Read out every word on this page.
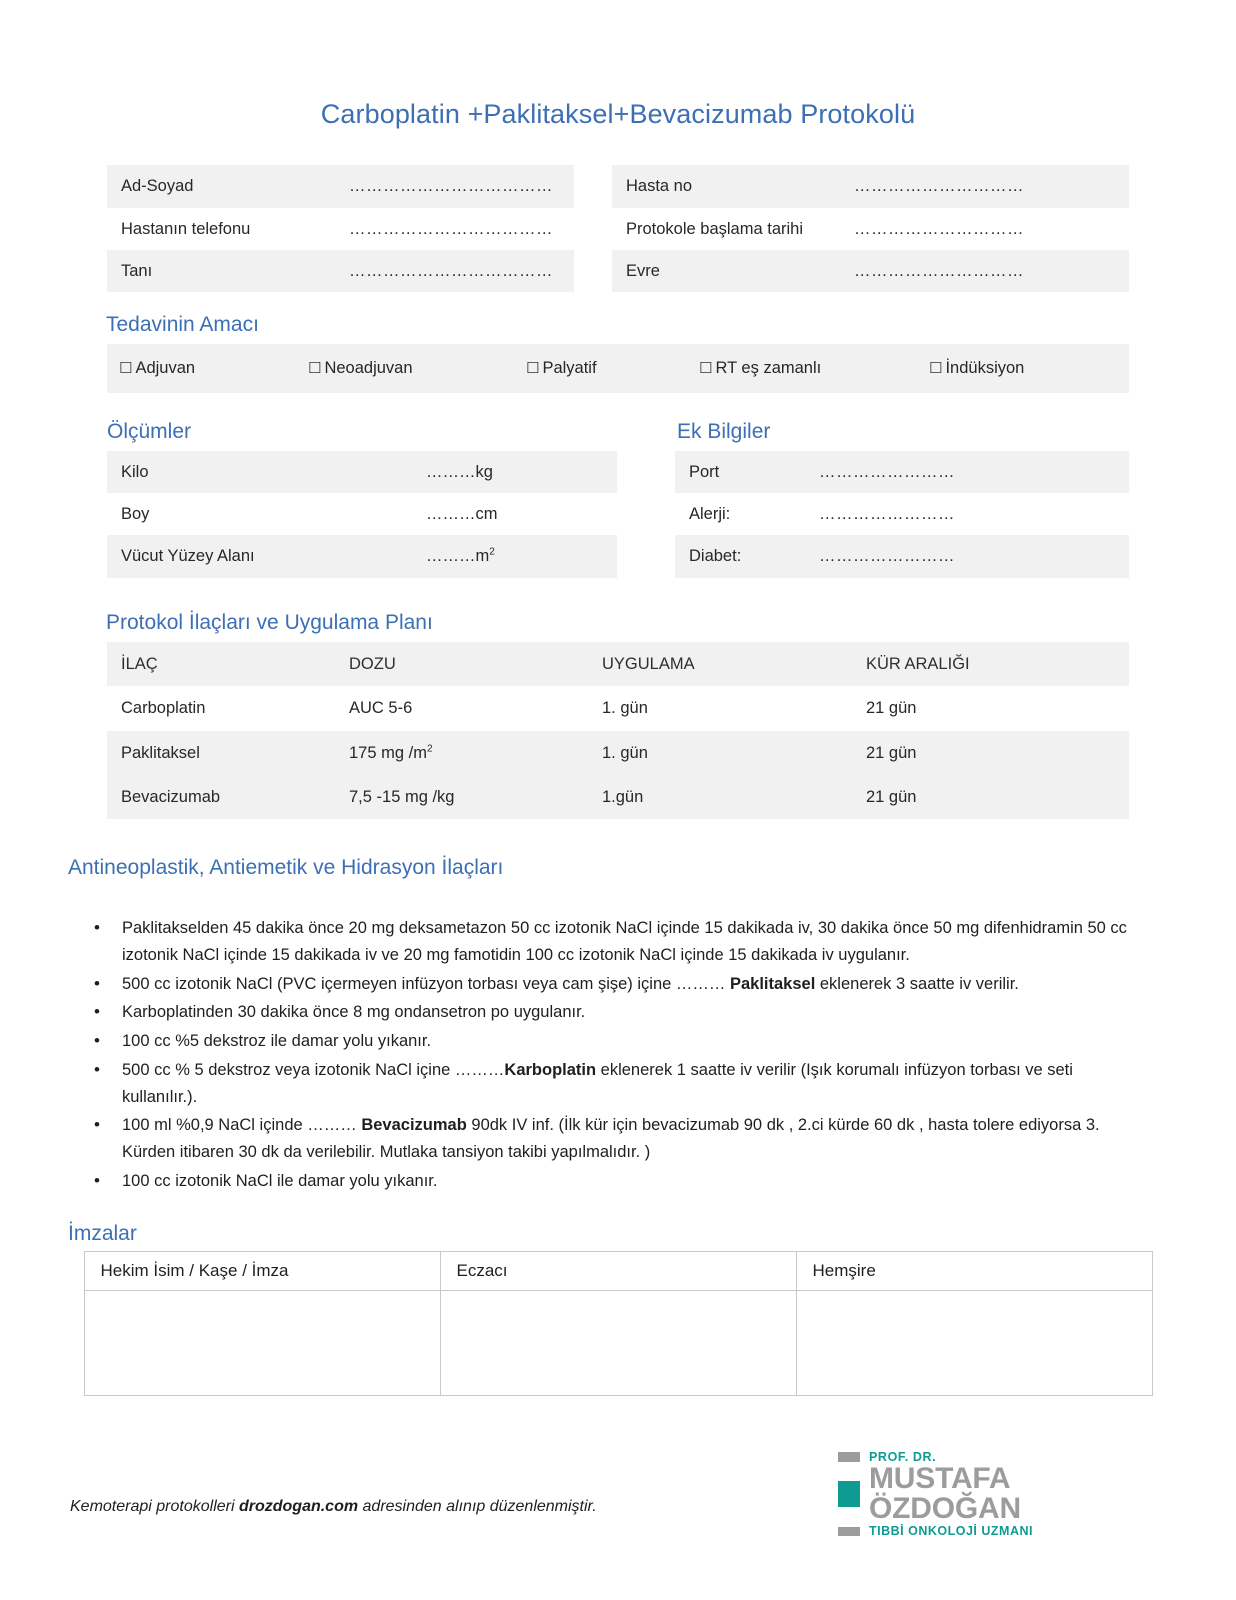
Carboplatin +Paklitaksel+Bevacizumab Protokolü
Ad-Soyad	………………………………		Hasta no	…………………………
Hastanın telefonu	………………………………		Protokole başlama tarihi	…………………………
Tanı	………………………………		Evre	…………………………
Tedavinin Amacı
☐ Adjuvan	☐ Neoadjuvan	☐ Palyatif	☐ RT eş zamanlı	☐ İndüksiyon
Ölçümler	Ek Bilgiler
Kilo	………kg		Port	……………………
Boy	………cm		Alerji:	……………………
Vücut Yüzey Alanı	$\dots\dots\dots m^2$		Diabet:	……………………
Protokol İlaçları ve Uygulama Planı
İLAÇ	DOZU	UYGULAMA	KÜR ARALIĞI
Carboplatin	AUC 5-6	1. gün	21 gün
Paklitaksel	175 mg $/m^2$	1. gün	21 gün
Bevacizumab	7,5 -15 mg /kg	1.gün	21 gün
Antineoplastik, Antiemetik ve Hidrasyon İlaçları
• Paklitakselden 45 dakika önce 20 mg deksametazon 50 cc izotonik NaCl içinde 15 dakikada iv, 30 dakika önce 50 mg difenhidramin 50 cc izotonik NaCl içinde 15 dakikada iv ve 20 mg famotidin 100 cc izotonik NaCl içinde 15 dakikada iv uygulanır.
• 500 cc izotonik NaCl (PVC içermeyen infüzyon torbası veya cam şişe) içine ……… Paklitaksel eklenerek 3 saatte iv verilir.
• Karboplatinden 30 dakika önce 8 mg ondansetron po uygulanır.
• 100 cc %5 dekstroz ile damar yolu yıkanır.
• 500 cc % 5 dekstroz veya izotonik NaCl içine ………Karboplatin eklenerek 1 saatte iv verilir (Işık korumalı infüzyon torbası ve seti kullanılır.).
• 100 ml %0,9 NaCl içinde ……… Bevacizumab 90dk IV inf. (İlk kür için bevacizumab 90 dk , 2.ci kürde 60 dk , hasta tolere ediyorsa 3. Kürden itibaren 30 dk da verilebilir. Mutlaka tansiyon takibi yapılmalıdır. )
• 100 cc izotonik NaCl ile damar yolu yıkanır.
İmzalar
Hekim İsim / Kaşe / İmza	Eczacı	Hemşire

Kemoterapi protokolleri drozdogan.com adresinden alınıp düzenlenmiştir.
PROF. DR.
MUSTAFA ÖZDOĞAN
TIBBİ ONKOLOJİ UZMANI
